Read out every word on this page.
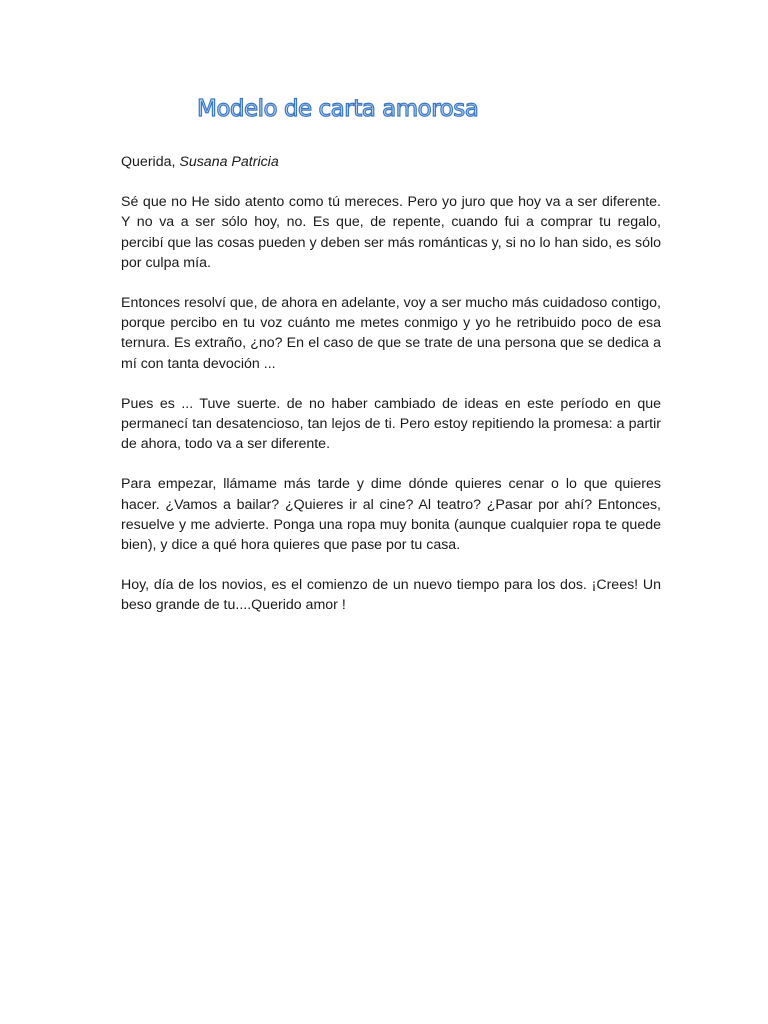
Modelo de carta amorosa

Querida, Susana Patricia

Sé que no He sido atento como tú mereces. Pero yo juro que hoy va a ser diferente. Y no va a ser sólo hoy, no. Es que, de repente, cuando fui a comprar tu regalo, percibí que las cosas pueden y deben ser más románticas y, si no lo han sido, es sólo por culpa mía.

Entonces resolví que, de ahora en adelante, voy a ser mucho más cuidadoso contigo, porque percibo en tu voz cuánto me metes conmigo y yo he retribuido poco de esa ternura. Es extraño, ¿no? En el caso de que se trate de una persona que se dedica a mí con tanta devoción ...

Pues es ... Tuve suerte. de no haber cambiado de ideas en este período en que permanecí tan desatencioso, tan lejos de ti. Pero estoy repitiendo la promesa: a partir de ahora, todo va a ser diferente.

Para empezar, llámame más tarde y dime dónde quieres cenar o lo que quieres hacer. ¿Vamos a bailar? ¿Quieres ir al cine? Al teatro? ¿Pasar por ahí? Entonces, resuelve y me advierte. Ponga una ropa muy bonita (aunque cualquier ropa te quede bien), y dice a qué hora quieres que pase por tu casa.

Hoy, día de los novios, es el comienzo de un nuevo tiempo para los dos. ¡Crees! Un beso grande de tu....Querido amor !
